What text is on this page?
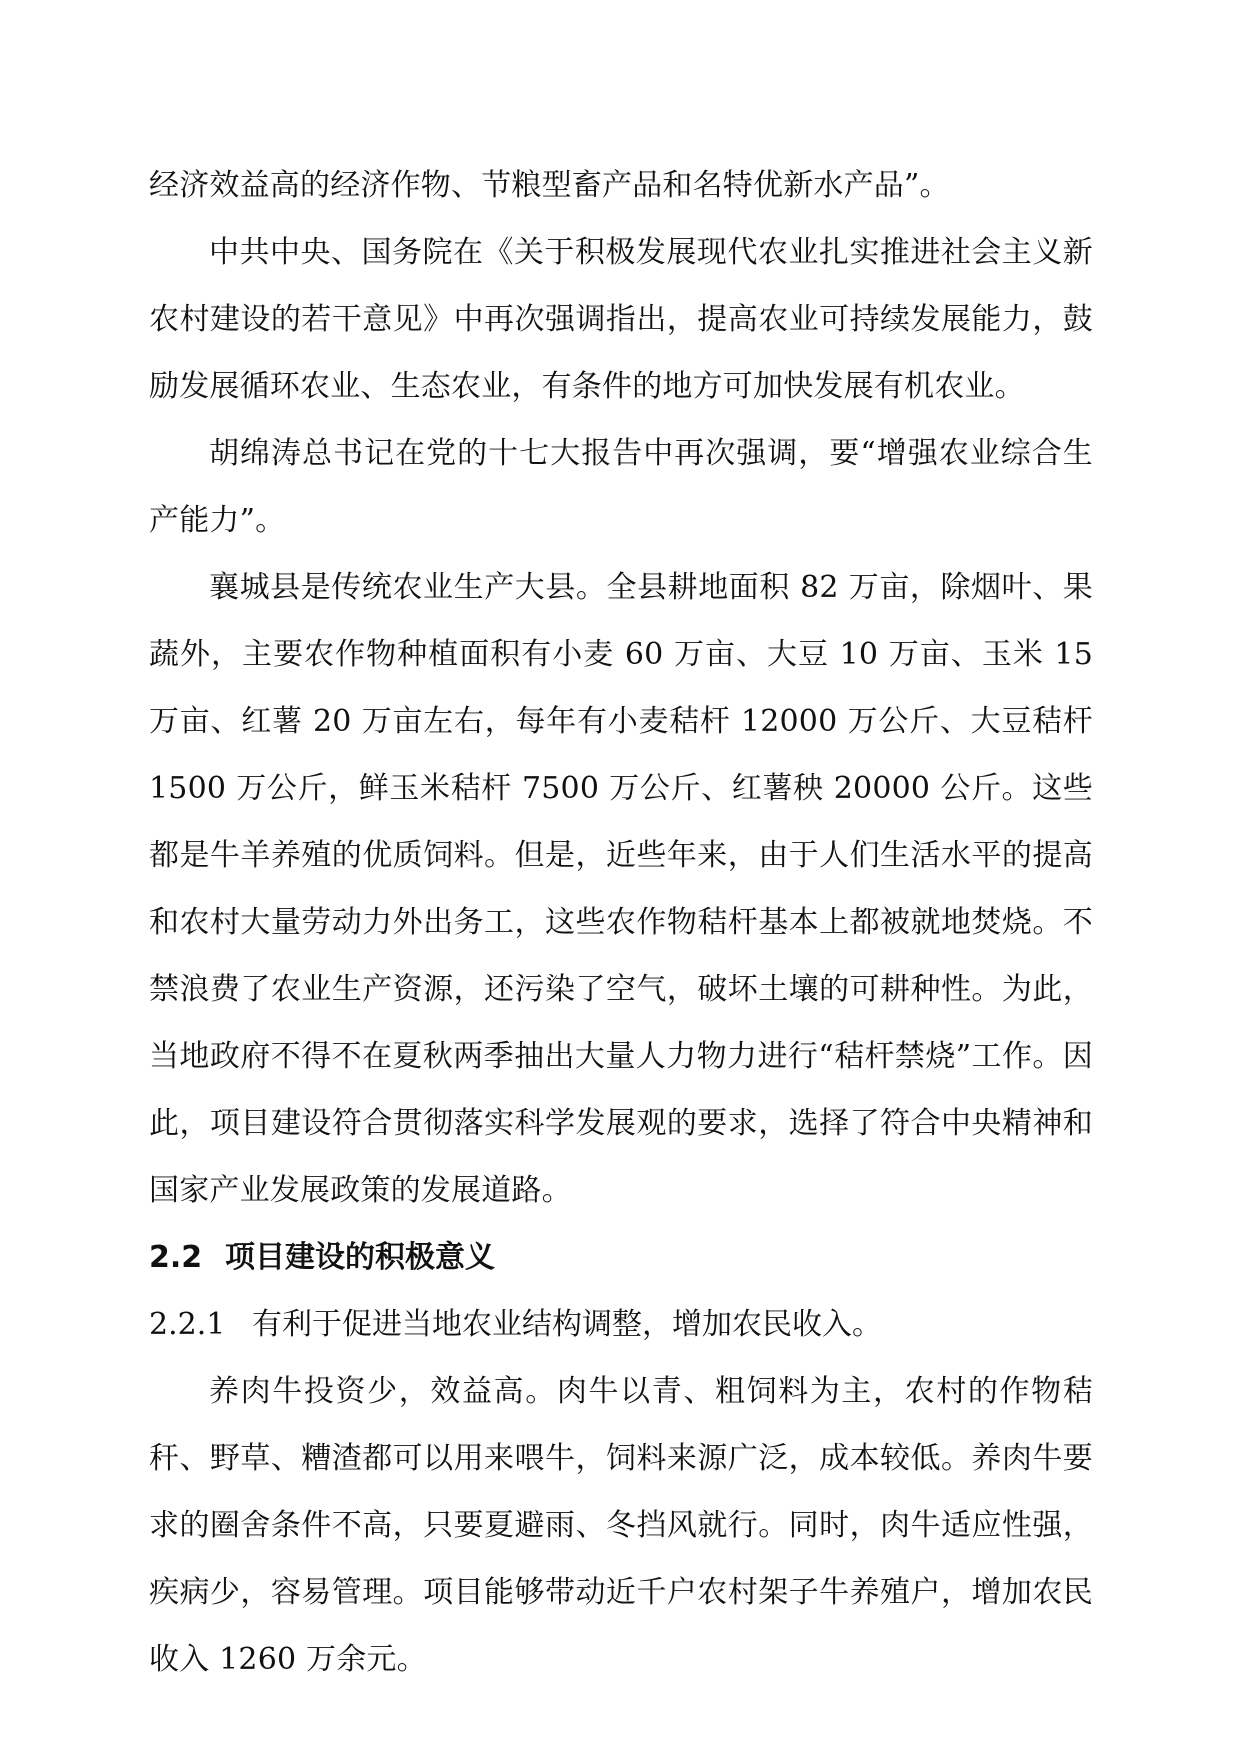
经济效益高的经济作物、节粮型畜产品和名特优新水产品”。

中共中央、国务院在《关于积极发展现代农业扎实推进社会主义新农村建设的若干意见》中再次强调指出，提高农业可持续发展能力，鼓励发展循环农业、生态农业，有条件的地方可加快发展有机农业。

胡绵涛总书记在党的十七大报告中再次强调，要“增强农业综合生产能力”。

襄城县是传统农业生产大县。全县耕地面积 82 万亩，除烟叶、果蔬外，主要农作物种植面积有小麦 60 万亩、大豆 10 万亩、玉米 15 万亩、红薯 20 万亩左右，每年有小麦秸杆 12000 万公斤、大豆秸杆 1500 万公斤，鲜玉米秸杆 7500 万公斤、红薯秧 20000 公斤。这些都是牛羊养殖的优质饲料。但是，近些年来，由于人们生活水平的提高和农村大量劳动力外出务工，这些农作物秸杆基本上都被就地焚烧。不禁浪费了农业生产资源，还污染了空气，破坏土壤的可耕种性。为此，当地政府不得不在夏秋两季抽出大量人力物力进行“秸杆禁烧”工作。因此，项目建设符合贯彻落实科学发展观的要求，选择了符合中央精神和国家产业发展政策的发展道路。

2.2 项目建设的积极意义
2.2.1 有利于促进当地农业结构调整，增加农民收入。

养肉牛投资少，效益高。肉牛以青、粗饲料为主，农村的作物秸秆、野草、糟渣都可以用来喂牛，饲料来源广泛，成本较低。养肉牛要求的圈舍条件不高，只要夏避雨、冬挡风就行。同时，肉牛适应性强，疾病少，容易管理。项目能够带动近千户农村架子牛养殖户，增加农民收入 1260 万余元。
